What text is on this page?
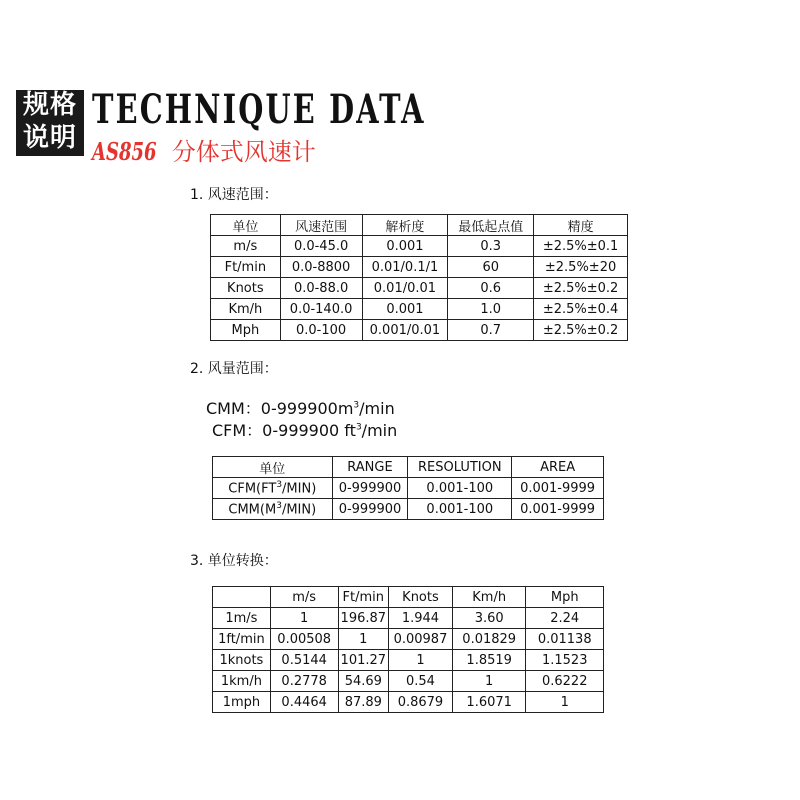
规格
说明
TECHNIQUE DATA
AS856 分体式风速计
1. 风速范围：
单位	风速范围	解析度	最低起点值	精度
m/s	0.0-45.0	0.001	0.3	±2.5%±0.1
Ft/min	0.0-8800	0.01/0.1/1	60	±2.5%±20
Knots	0.0-88.0	0.01/0.01	0.6	±2.5%±0.2
Km/h	0.0-140.0	0.001	1.0	±2.5%±0.4
Mph	0.0-100	0.001/0.01	0.7	±2.5%±0.2
2. 风量范围：
CMM：$0-999900m^3/\min$
CFM：0-999900 $ft^3/\min$
单位	RANGE	RESOLUTION	AREA
$CFM(FT^3/MIN)$	0-999900	0.001-100	0.001-9999
$CMM(M^3/MIN)$	0-999900	0.001-100	0.001-9999
3. 单位转换：
	m/s	Ft/min	Knots	Km/h	Mph
1m/s	1	196.87	1.944	3.60	2.24
1ft/min	0.00508	1	0.00987	0.01829	0.01138
1knots	0.5144	101.27	1	1.8519	1.1523
1km/h	0.2778	54.69	0.54	1	0.6222
1mph	0.4464	87.89	0.8679	1.6071	1
